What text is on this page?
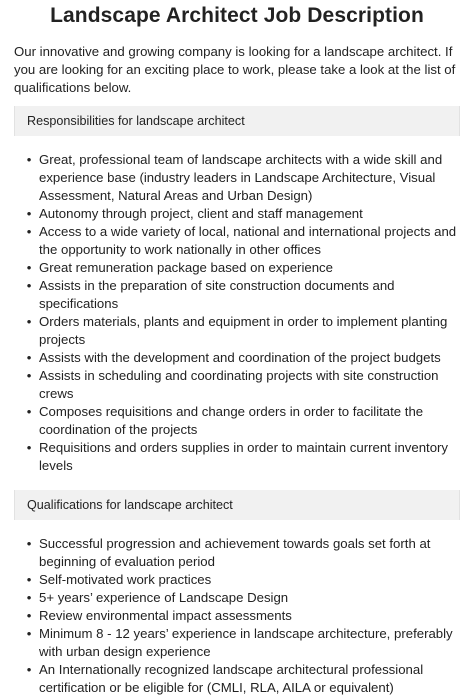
Landscape Architect Job Description

Our innovative and growing company is looking for a landscape architect. If you are looking for an exciting place to work, please take a look at the list of qualifications below.

Responsibilities for landscape architect
• Great, professional team of landscape architects with a wide skill and experience base (industry leaders in Landscape Architecture, Visual Assessment, Natural Areas and Urban Design)
• Autonomy through project, client and staff management
• Access to a wide variety of local, national and international projects and the opportunity to work nationally in other offices
• Great remuneration package based on experience
• Assists in the preparation of site construction documents and specifications
• Orders materials, plants and equipment in order to implement planting projects
• Assists with the development and coordination of the project budgets
• Assists in scheduling and coordinating projects with site construction crews
• Composes requisitions and change orders in order to facilitate the coordination of the projects
• Requisitions and orders supplies in order to maintain current inventory levels
Qualifications for landscape architect
• Successful progression and achievement towards goals set forth at beginning of evaluation period
• Self-motivated work practices
• 5+ years’ experience of Landscape Design
• Review environmental impact assessments
• Minimum 8 - 12 years’ experience in landscape architecture, preferably with urban design experience
• An Internationally recognized landscape architectural professional certification or be eligible for (CMLI, RLA, AILA or equivalent)
